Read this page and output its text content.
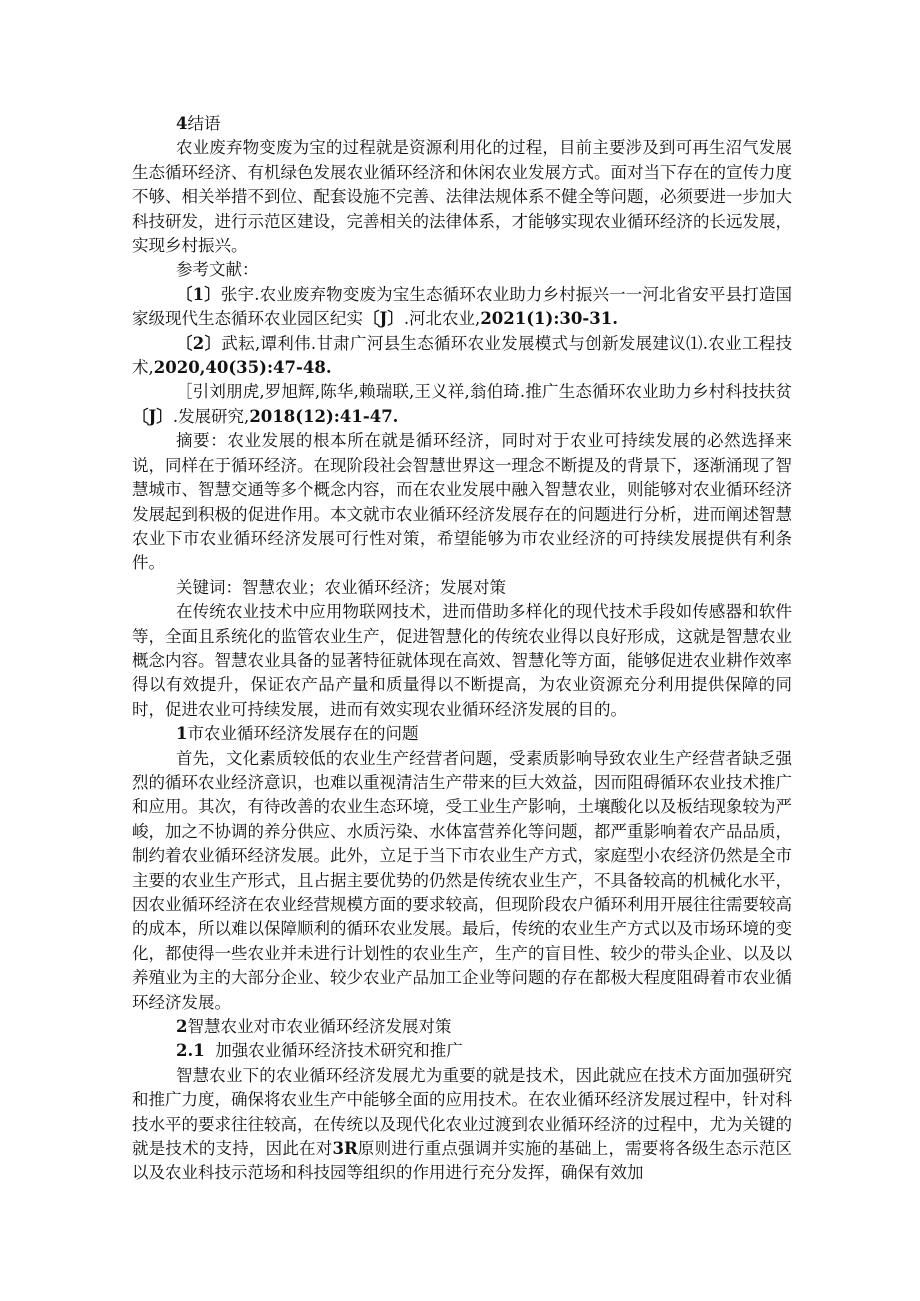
4结语

农业废弃物变废为宝的过程就是资源利用化的过程，目前主要涉及到可再生沼气发展生态循环经济、有机绿色发展农业循环经济和休闲农业发展方式。面对当下存在的宣传力度不够、相关举措不到位、配套设施不完善、法律法规体系不健全等问题，必须要进一步加大科技研发，进行示范区建设，完善相关的法律体系，才能够实现农业循环经济的长远发展，实现乡村振兴。

参考文献：

〔1〕张宇.农业废弃物变废为宝生态循环农业助力乡村振兴一一河北省安平县打造国家级现代生态循环农业园区纪实〔J〕.河北农业,2021(1):30-31.

〔2〕武耘,谭利伟.甘肃广河县生态循环农业发展模式与创新发展建议⑴.农业工程技术,2020,40(35):47-48.

［引刘朋虎,罗旭辉,陈华,赖瑞联,王义祥,翁伯琦.推广生态循环农业助力乡村科技扶贫〔J〕.发展研究,2018(12):41-47.

摘要：农业发展的根本所在就是循环经济，同时对于农业可持续发展的必然选择来说，同样在于循环经济。在现阶段社会智慧世界这一理念不断提及的背景下，逐渐涌现了智慧城市、智慧交通等多个概念内容，而在农业发展中融入智慧农业，则能够对农业循环经济发展起到积极的促进作用。本文就市农业循环经济发展存在的问题进行分析，进而阐述智慧农业下市农业循环经济发展可行性对策，希望能够为市农业经济的可持续发展提供有利条件。

关键词：智慧农业；农业循环经济；发展对策

在传统农业技术中应用物联网技术，进而借助多样化的现代技术手段如传感器和软件等，全面且系统化的监管农业生产，促进智慧化的传统农业得以良好形成，这就是智慧农业概念内容。智慧农业具备的显著特征就体现在高效、智慧化等方面，能够促进农业耕作效率得以有效提升，保证农产品产量和质量得以不断提高，为农业资源充分利用提供保障的同时，促进农业可持续发展，进而有效实现农业循环经济发展的目的。

1市农业循环经济发展存在的问题

首先，文化素质较低的农业生产经营者问题，受素质影响导致农业生产经营者缺乏强烈的循环农业经济意识，也难以重视清洁生产带来的巨大效益，因而阻碍循环农业技术推广和应用。其次，有待改善的农业生态环境，受工业生产影响，土壤酸化以及板结现象较为严峻，加之不协调的养分供应、水质污染、水体富营养化等问题，都严重影响着农产品品质，制约着农业循环经济发展。此外，立足于当下市农业生产方式，家庭型小农经济仍然是全市主要的农业生产形式，且占据主要优势的仍然是传统农业生产，不具备较高的机械化水平，因农业循环经济在农业经营规模方面的要求较高，但现阶段农户循环利用开展往往需要较高的成本，所以难以保障顺利的循环农业发展。最后，传统的农业生产方式以及市场环境的变化，都使得一些农业并未进行计划性的农业生产，生产的盲目性、较少的带头企业、以及以养殖业为主的大部分企业、较少农业产品加工企业等问题的存在都极大程度阻碍着市农业循环经济发展。

2智慧农业对市农业循环经济发展对策

2.1 加强农业循环经济技术研究和推广

智慧农业下的农业循环经济发展尤为重要的就是技术，因此就应在技术方面加强研究和推广力度，确保将农业生产中能够全面的应用技术。在农业循环经济发展过程中，针对科技水平的要求往往较高，在传统以及现代化农业过渡到农业循环经济的过程中，尤为关键的就是技术的支持，因此在对3R原则进行重点强调并实施的基础上，需要将各级生态示范区以及农业科技示范场和科技园等组织的作用进行充分发挥，确保有效加
